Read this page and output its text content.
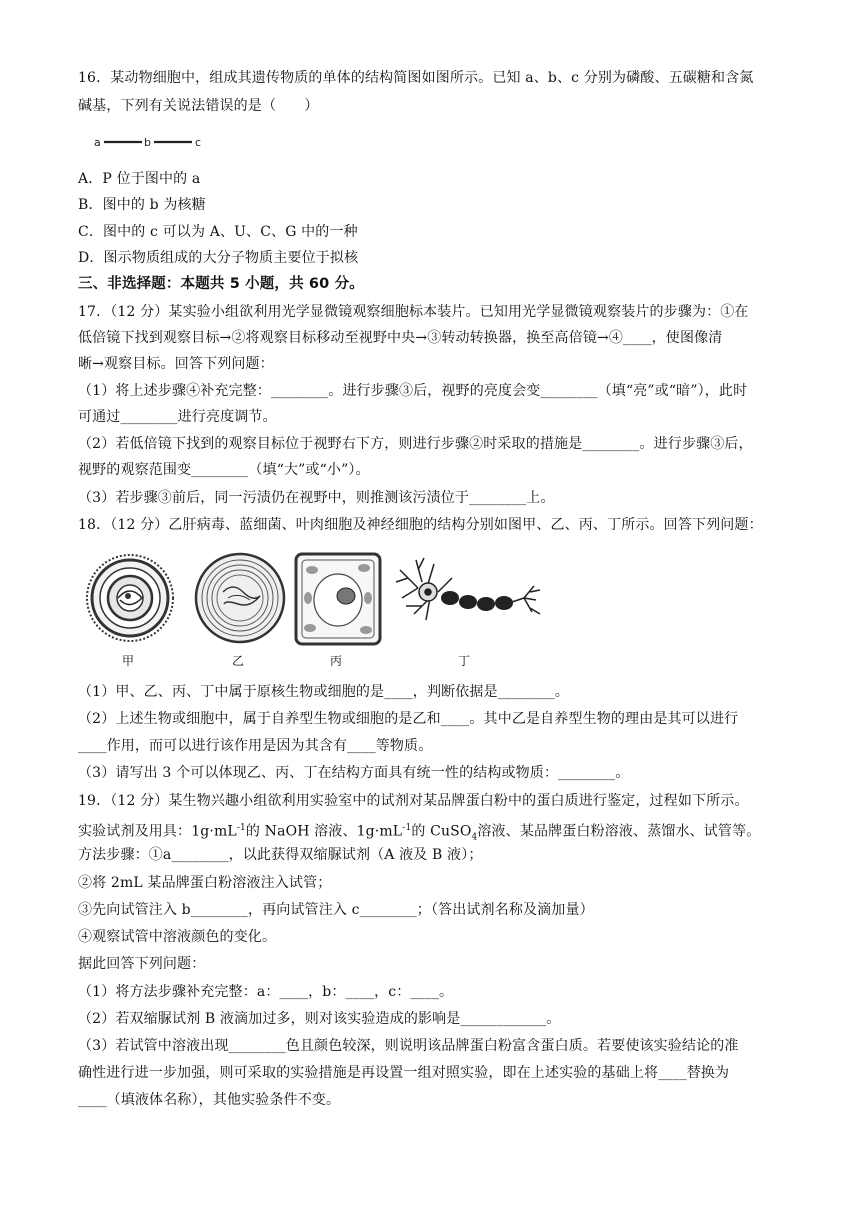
16．某动物细胞中，组成其遗传物质的单体的结构简图如图所示。已知 a、b、c 分别为磷酸、五碳糖和含氮
碱基，下列有关说法错误的是（　　）
a	b	c
A．P 位于图中的 a
B．图中的 b 为核糖
C．图中的 c 可以为 A、U、C、G 中的一种
D．图示物质组成的大分子物质主要位于拟核
三、非选择题：本题共 5 小题，共 60 分。
17．（12 分）某实验小组欲利用光学显微镜观察细胞标本装片。已知用光学显微镜观察装片的步骤为：①在
低倍镜下找到观察目标→②将观察目标移动至视野中央→③转动转换器，换至高倍镜→④____，使图像清
晰→观察目标。回答下列问题：
（1）将上述步骤④补充完整：________。进行步骤③后，视野的亮度会变________（填“亮”或“暗”），此时
可通过________进行亮度调节。
（2）若低倍镜下找到的观察目标位于视野右下方，则进行步骤②时采取的措施是________。进行步骤③后，
视野的观察范围变________（填“大”或“小”）。
（3）若步骤③前后，同一污渍仍在视野中，则推测该污渍位于________上。
18．（12 分）乙肝病毒、蓝细菌、叶肉细胞及神经细胞的结构分别如图甲、乙、丙、丁所示。回答下列问题：
甲	乙	丙	丁
（1）甲、乙、丙、丁中属于原核生物或细胞的是____，判断依据是________。
（2）上述生物或细胞中，属于自养型生物或细胞的是乙和____。其中乙是自养型生物的理由是其可以进行
____作用，而可以进行该作用是因为其含有____等物质。
（3）请写出 3 个可以体现乙、丙、丁在结构方面具有统一性的结构或物质：________。
19．（12 分）某生物兴趣小组欲利用实验室中的试剂对某品牌蛋白粉中的蛋白质进行鉴定，过程如下所示。
实验试剂及用具：$1g\cdot mL^{-1}$的 NaOH 溶液、$1g\cdot mL^{-1}$的 CuSO$_4$溶液、某品牌蛋白粉溶液、蒸馏水、试管等。
方法步骤：①a________，以此获得双缩脲试剂（A 液及 B 液）；
②将 2mL 某品牌蛋白粉溶液注入试管；
③先向试管注入 b________，再向试管注入 c________；（答出试剂名称及滴加量）
④观察试管中溶液颜色的变化。
据此回答下列问题：
（1）将方法步骤补充完整：a：____，b：____，c：____。
（2）若双缩脲试剂 B 液滴加过多，则对该实验造成的影响是____________。
（3）若试管中溶液出现________色且颜色较深，则说明该品牌蛋白粉富含蛋白质。若要使该实验结论的准
确性进行进一步加强，则可采取的实验措施是再设置一组对照实验，即在上述实验的基础上将____替换为
____（填液体名称），其他实验条件不变。
